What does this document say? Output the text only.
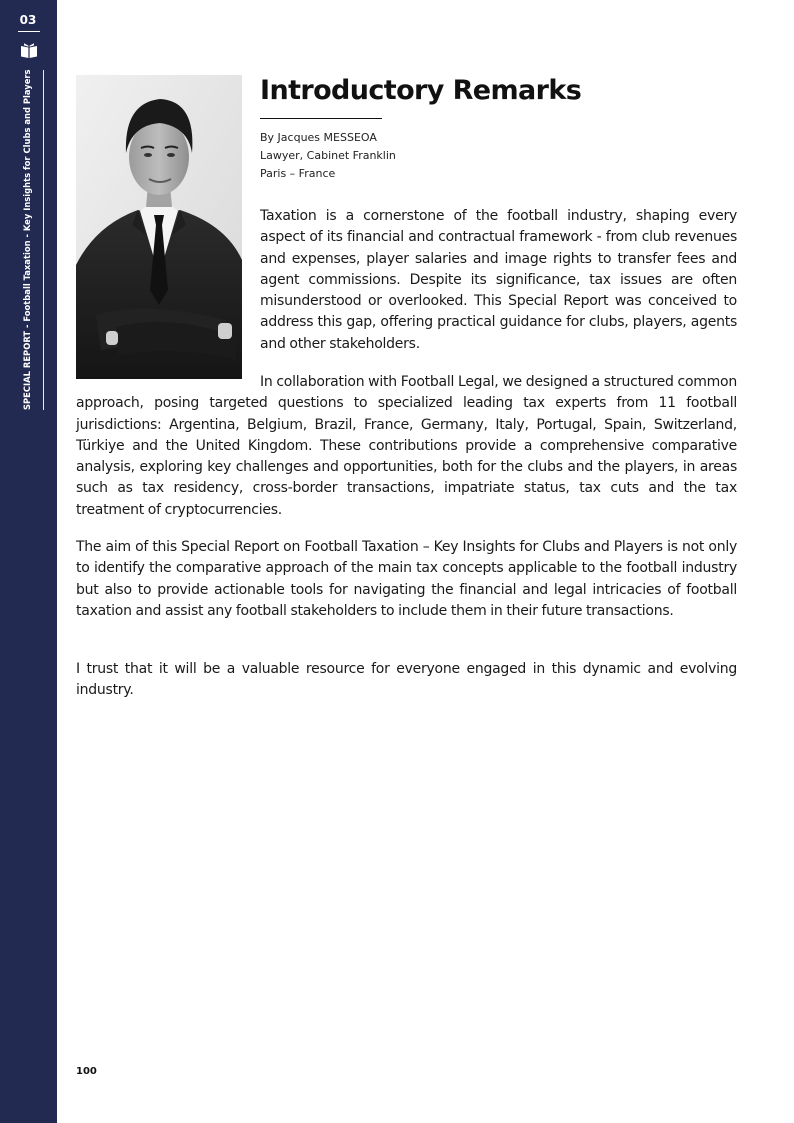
03
SPECIAL REPORT - Football Taxation - Key Insights for Clubs and Players	Introductory Remarks
By Jacques MESSEOA
Lawyer, Cabinet Franklin
Paris – France

Taxation is a cornerstone of the football industry, shaping every aspect of its financial and contractual framework - from club revenues and expenses, player salaries and image rights to transfer fees and agent commissions. Despite its significance, tax issues are often misunderstood or overlooked. This Special Report was conceived to address this gap, offering practical guidance for clubs, players, agents and other stakeholders.

In collaboration with Football Legal, we designed a structured common approach, posing targeted questions to specialized leading tax experts from 11 football jurisdictions: Argentina, Belgium, Brazil, France, Germany, Italy, Portugal, Spain, Switzerland, Türkiye and the United Kingdom. These contributions provide a comprehensive comparative analysis, exploring key challenges and opportunities, both for the clubs and the players, in areas such as tax residency, cross-border transactions, impatriate status, tax cuts and the tax treatment of cryptocurrencies.

The aim of this Special Report on Football Taxation – Key Insights for Clubs and Players is not only to identify the comparative approach of the main tax concepts applicable to the football industry but also to provide actionable tools for navigating the financial and legal intricacies of football taxation and assist any football stakeholders to include them in their future transactions.

I trust that it will be a valuable resource for everyone engaged in this dynamic and evolving industry.

100
